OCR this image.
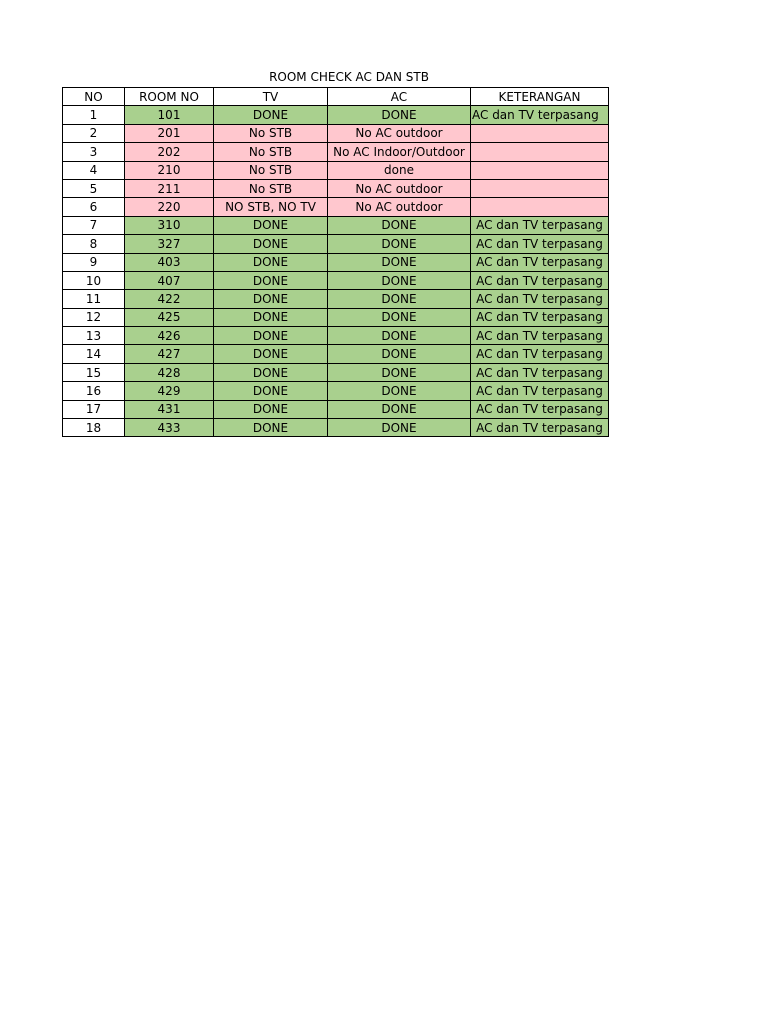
ROOM CHECK AC DAN STB
NO	ROOM NO	TV	AC	KETERANGAN
1	101	DONE	DONE	AC dan TV terpasang
2	201	No STB	No AC outdoor	
3	202	No STB	No AC Indoor/Outdoor	
4	210	No STB	done	
5	211	No STB	No AC outdoor	
6	220	NO STB, NO TV	No AC outdoor	
7	310	DONE	DONE	AC dan TV terpasang
8	327	DONE	DONE	AC dan TV terpasang
9	403	DONE	DONE	AC dan TV terpasang
10	407	DONE	DONE	AC dan TV terpasang
11	422	DONE	DONE	AC dan TV terpasang
12	425	DONE	DONE	AC dan TV terpasang
13	426	DONE	DONE	AC dan TV terpasang
14	427	DONE	DONE	AC dan TV terpasang
15	428	DONE	DONE	AC dan TV terpasang
16	429	DONE	DONE	AC dan TV terpasang
17	431	DONE	DONE	AC dan TV terpasang
18	433	DONE	DONE	AC dan TV terpasang
